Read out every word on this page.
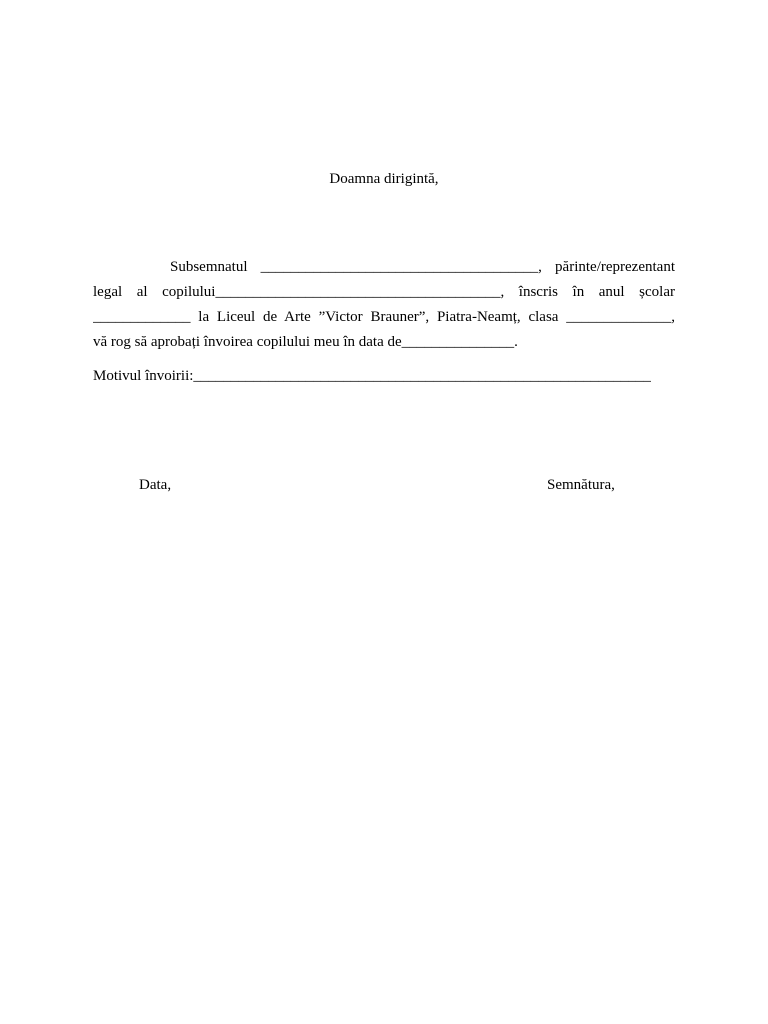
Doamna dirigintă,
Subsemnatul _____________________________________, părinte/reprezentant
legal al copilului______________________________________, înscris în anul școlar
_____________ la Liceul de Arte ”Victor Brauner”, Piatra-Neamț, clasa ______________,
vă rog să aprobați învoirea copilului meu în data de_______________.
Motivul învoirii:_____________________________________________________________
Data,	Semnătura,
